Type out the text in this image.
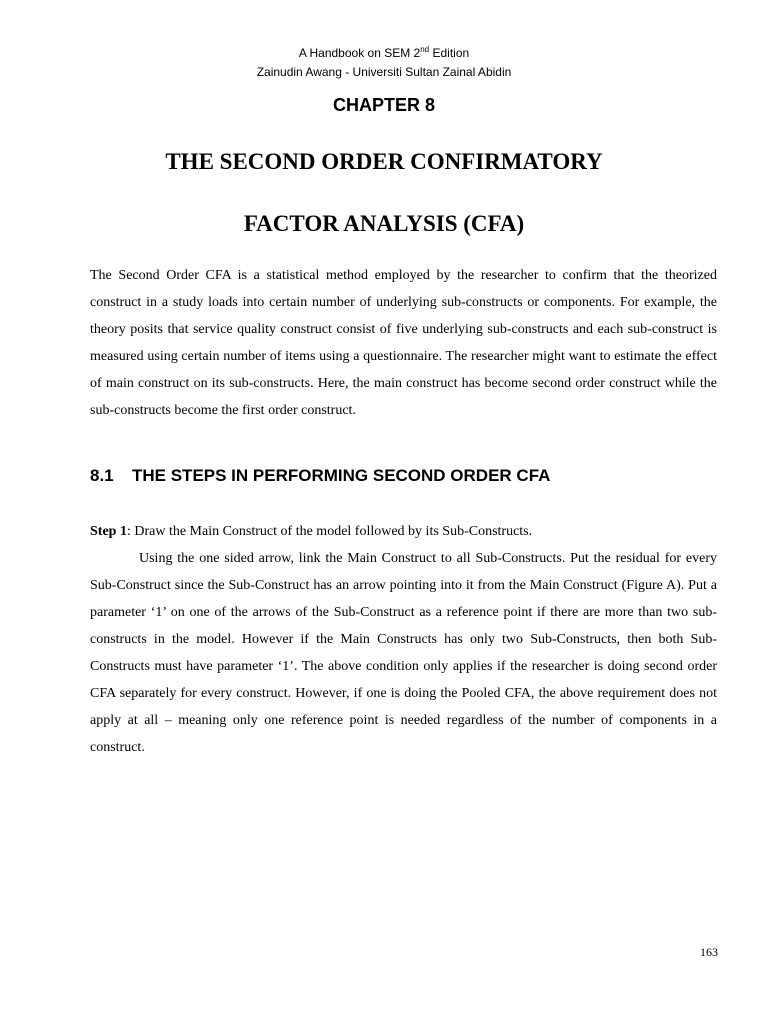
A Handbook on SEM 2nd Edition
Zainudin Awang - Universiti Sultan Zainal Abidin
CHAPTER 8
THE SECOND ORDER CONFIRMATORY
FACTOR ANALYSIS (CFA)
The Second Order CFA is a statistical method employed by the researcher to confirm that the theorized construct in a study loads into certain number of underlying sub-constructs or components. For example, the theory posits that service quality construct consist of five underlying sub-constructs and each sub-construct is measured using certain number of items using a questionnaire. The researcher might want to estimate the effect of main construct on its sub-constructs. Here, the main construct has become second order construct while the sub-constructs become the first order construct.
8.1 THE STEPS IN PERFORMING SECOND ORDER CFA

Step 1: Draw the Main Construct of the model followed by its Sub-Constructs.

Using the one sided arrow, link the Main Construct to all Sub-Constructs. Put the residual for every Sub-Construct since the Sub-Construct has an arrow pointing into it from the Main Construct (Figure A). Put a parameter ‘1’ on one of the arrows of the Sub-Construct as a reference point if there are more than two sub-constructs in the model. However if the Main Constructs has only two Sub-Constructs, then both Sub-Constructs must have parameter ‘1’. The above condition only applies if the researcher is doing second order CFA separately for every construct. However, if one is doing the Pooled CFA, the above requirement does not apply at all – meaning only one reference point is needed regardless of the number of components in a construct.

163
